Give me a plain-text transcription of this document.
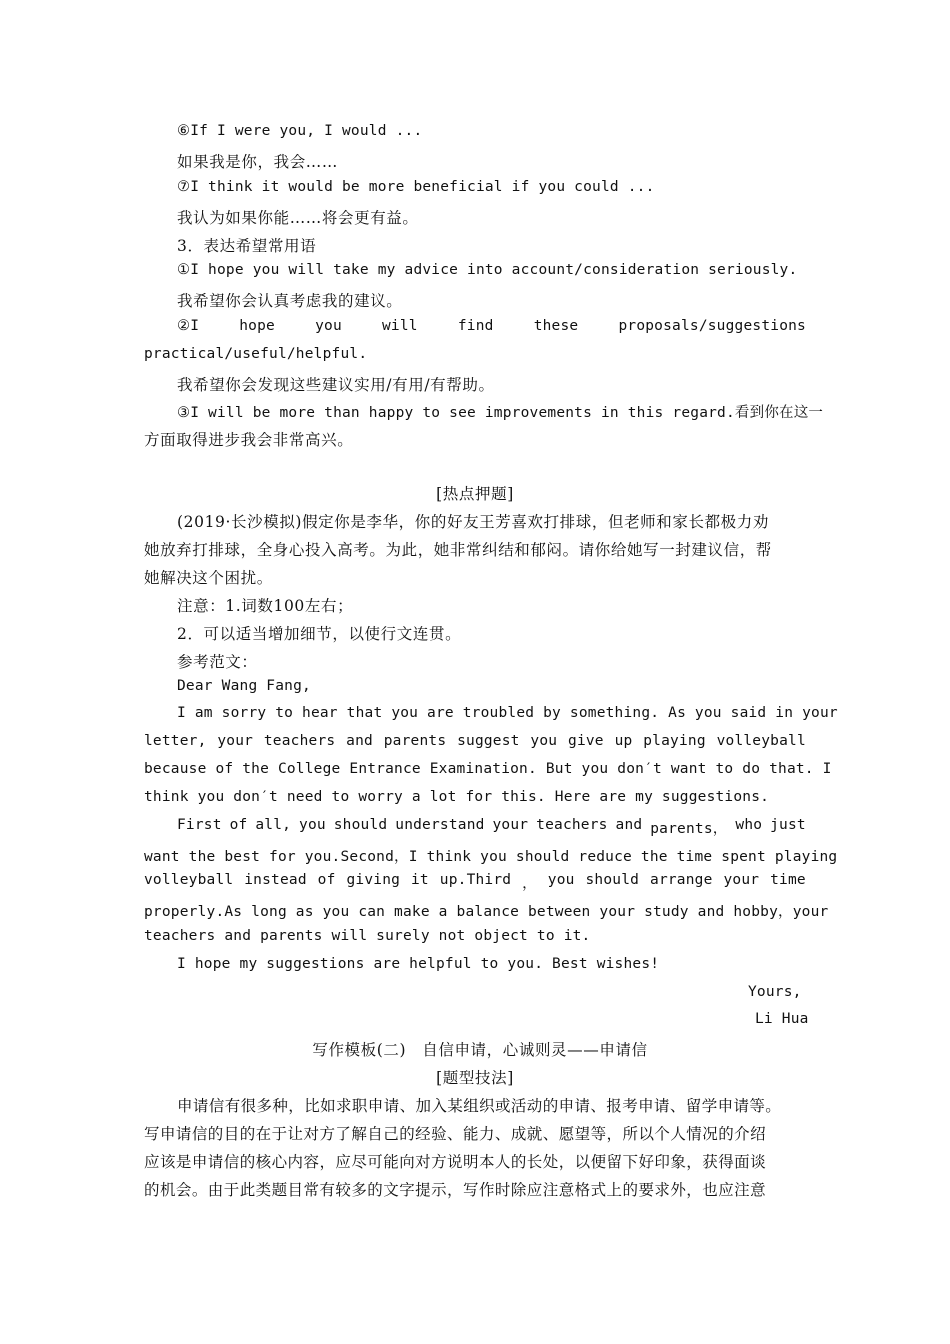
⑥If I were you, I would ...
如果我是你，我会……
⑦I think it would be more beneficial if you could ...
我认为如果你能……将会更有益。
3．表达希望常用语
①I hope you will take my advice into account/consideration seriously.
我希望你会认真考虑我的建议。
②I	hope	you	will	find	these	proposals/suggestions
practical/useful/helpful.
我希望你会发现这些建议实用/有用/有帮助。
③I will be more than happy to see improvements in this regard.看到你在这一
方面取得进步我会非常高兴。
[热点押题]
(2019·长沙模拟)假定你是李华，你的好友王芳喜欢打排球，但老师和家长都极力劝
她放弃打排球，全身心投入高考。为此，她非常纠结和郁闷。请你给她写一封建议信，帮
她解决这个困扰。
注意：1.词数100左右；
2．可以适当增加细节，以使行文连贯。
参考范文：
Dear Wang Fang,
I am sorry to hear that you are troubled by something. As you said in your
letter, your teachers and parents suggest you give up playing volleyball
because of the College Entrance Examination. But you don′t want to do that. I
think you don′t need to worry a lot for this. Here are my suggestions.
First of all, you should understand your teachers and parents， who just
want the best for you.Second，I think you should reduce the time spent playing
volleyball instead of giving it up.Third ， you should arrange your time
properly.As long as you can make a balance between your study and hobby，your
teachers and parents will surely not object to it.
I hope my suggestions are helpful to you. Best wishes!
Yours,
Li Hua
写作模板(二)　自信申请，心诚则灵——申请信
[题型技法]
申请信有很多种，比如求职申请、加入某组织或活动的申请、报考申请、留学申请等。
写申请信的目的在于让对方了解自己的经验、能力、成就、愿望等，所以个人情况的介绍
应该是申请信的核心内容，应尽可能向对方说明本人的长处，以便留下好印象，获得面谈
的机会。由于此类题目常有较多的文字提示，写作时除应注意格式上的要求外，也应注意
